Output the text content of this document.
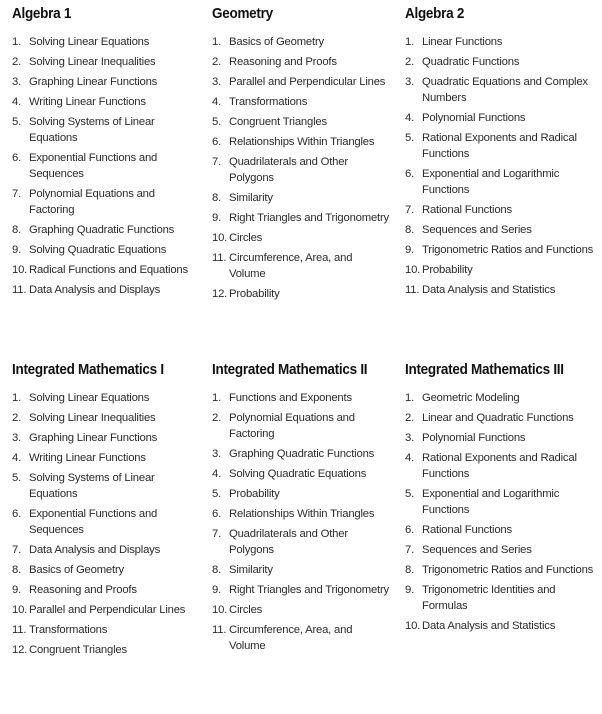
Algebra 1
1. Solving Linear Equations
2. Solving Linear Inequalities
3. Graphing Linear Functions
4. Writing Linear Functions
5. Solving Systems of Linear Equations
6. Exponential Functions and Sequences
7. Polynomial Equations and Factoring
8. Graphing Quadratic Functions
9. Solving Quadratic Equations
10. Radical Functions and Equations
11. Data Analysis and Displays
Geometry
1. Basics of Geometry
2. Reasoning and Proofs
3. Parallel and Perpendicular Lines
4. Transformations
5. Congruent Triangles
6. Relationships Within Triangles
7. Quadrilaterals and Other Polygons
8. Similarity
9. Right Triangles and Trigonometry
10. Circles
11. Circumference, Area, and Volume
12. Probability
Algebra 2
1. Linear Functions
2. Quadratic Functions
3. Quadratic Equations and Complex Numbers
4. Polynomial Functions
5. Rational Exponents and Radical Functions
6. Exponential and Logarithmic Functions
7. Rational Functions
8. Sequences and Series
9. Trigonometric Ratios and Functions
10. Probability
11. Data Analysis and Statistics
Integrated Mathematics I
1. Solving Linear Equations
2. Solving Linear Inequalities
3. Graphing Linear Functions
4. Writing Linear Functions
5. Solving Systems of Linear Equations
6. Exponential Functions and Sequences
7. Data Analysis and Displays
8. Basics of Geometry
9. Reasoning and Proofs
10. Parallel and Perpendicular Lines
11. Transformations
12. Congruent Triangles
Integrated Mathematics II
1. Functions and Exponents
2. Polynomial Equations and Factoring
3. Graphing Quadratic Functions
4. Solving Quadratic Equations
5. Probability
6. Relationships Within Triangles
7. Quadrilaterals and Other Polygons
8. Similarity
9. Right Triangles and Trigonometry
10. Circles
11. Circumference, Area, and Volume
Integrated Mathematics III
1. Geometric Modeling
2. Linear and Quadratic Functions
3. Polynomial Functions
4. Rational Exponents and Radical Functions
5. Exponential and Logarithmic Functions
6. Rational Functions
7. Sequences and Series
8. Trigonometric Ratios and Functions
9. Trigonometric Identities and Formulas
10. Data Analysis and Statistics
